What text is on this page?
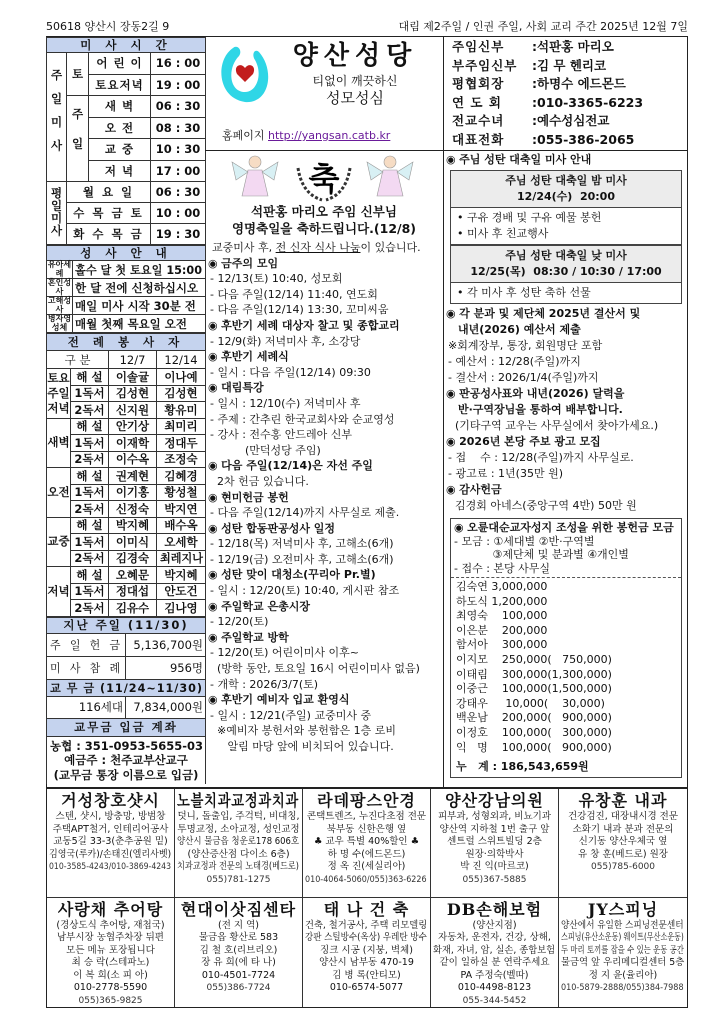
50618 양산시 장동2길 9	대림 제2주일 / 인권 주일, 사회 교리 주간 2025년 12월 7일
미 사 시 간			
주일미사	토	어 린 이	16 : 00
		토요저녁	19 : 00
	주일	새 벽	06 : 30
		오 전	08 : 30
		교 중	10 : 30
		저 녁	17 : 00
평일미사	월 요 일		06 : 30
	수 목 금 토		10 : 00
	화 수 목 금		19 : 30
성 사 안 내	
유아세례	홀수 달 첫 토요일 15:00
혼인성사	한 달 전에 신청하십시오
고해성사	매일 미사 시작 30분 전
병자영성체	매월 첫째 목요일 오전
전 례 봉 사 자			
구 분		12/7	12/14
토요주일저녁	해 설	이솔귤	이나예
	1독서	김성현	김성현
	2독서	신지원	황유미
새벽	해 설	안기상	최미리
	1독서	이재학	정대두
	2독서	이수옥	조정숙
오전	해 설	권계현	김혜경
	1독서	이기홍	황성철
	2독서	신정숙	박지연
교중	해 설	박지혜	배수옥
	1독서	이미식	오세학
	2독서	김경숙	최레지나
저녁	해 설	오혜문	박지혜
	1독서	정대섭	안도건
	2독서	김유수	김나영
지난 주일 (11/30)	
주 일 헌 금	5,136,700원
미 사 참 례	956명
교 무 금 (11/24~11/30)	
116세대	7,834,000원
교무금 입금 계좌	

농협 : 351-0953-5655-03
예금주 : 천주교부산교구
(교무금 통장 이름으로 입금)	
양산성당
티없이 깨끗하신
성모성심
홈페이지 http://yangsan.catb.kr
주임신부	: 석판홍 마리오
부주임신부	: 김 무 헨리코
평협회장	: 하명수 에드몬드
연 도 회	: 010-3365-6223
전교수녀	: 예수성심전교
대표전화	: 055-386-2065
축
석판홍 마리오 주임 신부님
영명축일을 축하드립니다.(12/8)
교중미사 후, 전 신자 식사 나눔이 있습니다.
◉ 금주의 모임
- 12/13(토) 10:40, 성모회
- 다음 주일(12/14) 11:40, 연도회
- 다음 주일(12/14) 13:30, 꼬미씨움
◉ 후반기 세례 대상자 찰고 및 종합교리
- 12/9(화) 저녁미사 후, 소강당
◉ 후반기 세례식
- 일시 : 다음 주일(12/14) 09:30
◉ 대림특강
- 일시 : 12/10(수) 저녁미사 후
- 주제 : 간추린 한국교회사와 순교영성
- 강사 : 전수홍 안드레아 신부
(만덕성당 주임)
◉ 다음 주일(12/14)은 자선 주일
2차 헌금 있습니다.
◉ 현미헌금 봉헌
- 다음 주일(12/14)까지 사무실로 제출.
◉ 성탄 합동판공성사 일정
- 12/18(목) 저녁미사 후, 고해소(6개)
- 12/19(금) 오전미사 후, 고해소(6개)
◉ 성탄 맞이 대청소(꾸리아 Pr.별)
- 일시 : 12/20(토) 10:40, 게시판 참조
◉ 주일학교 은총시장
- 12/20(토)
◉ 주일학교 방학
- 12/20(토) 어린이미사 이후~
(방학 동안, 토요일 16시 어린이미사 없음)
- 개학 : 2026/3/7(토)
◉ 후반기 예비자 입교 환영식
- 일시 : 12/21(주일) 교중미사 중
※예비자 봉헌서와 봉헌함은 1층 로비
알림 마당 앞에 비치되어 있습니다.
◉ 주님 성탄 대축일 미사 안내
주님 성탄 대축일 밤 미사
12/24(수)  20:00
• 구유 경배 및 구유 예물 봉헌
• 미사 후 친교행사
주님 성탄 대축일 낮 미사
12/25(목)  08:30 / 10:30 / 17:00
• 각 미사 후 성탄 축하 선물
◉ 각 분과 및 제단체 2025년 결산서 및
내년(2026) 예산서 제출
※회계장부, 통장, 회원명단 포함
- 예산서 : 12/28(주일)까지
- 결산서 : 2026/1/4(주일)까지
◉ 판공성사표와 내년(2026) 달력을
반·구역장님을 통하여 배부합니다.
(기타구역 교우는 사무실에서 찾아가세요.)
◉ 2026년 본당 주보 광고 모집
- 접    수 : 12/28(주일)까지 사무실로.
- 광고료 : 1년(35만 원)
◉ 감사헌금
김경회 아네스(중앙구역 4반) 50만 원
◉ 오륜대순교자성지 조성을 위한 봉헌금 모금
- 모금 : ①세대별 ②반·구역별
③제단체 및 분과별 ④개인별
- 접수 : 본당 사무실
김숙연 3,000,000
하도식 1,200,000
최영숙    100,000
이은분    200,000
함서아    300,000
이지모    250,000(   750,000)
이태림    300,000(1,300,000)
이중근    100,000(1,500,000)
강태우     10,000(    30,000)
백운남    200,000(   900,000)
이정호    100,000(   300,000)
익   명    100,000(   900,000)
누   계 : 186,543,659원
거성창호샷시
스텐, 샷시, 방충망, 방범창
주택APT철거, 인테리어공사
교동5길 33-3(춘추공원 밑)
김영국(루카)/손태진(엘리사벳)
010-3585-4243/010-3869-4243
노블치과교정과치과
덧니, 돌출입, 주걱턱, 비대칭,
투명교정, 소아교정, 성인교정
양산시 물금읍 청운로178 606호
(양산증산점 다이소 6층)
치과교정과 전문의 노태경(베드로)
055)781-1275
라데팡스안경
콘택트렌즈, 누진다초점 전문
북부동 신한은행 옆
♣ 교우 특별 40%할인 ♣
하 명 수(에드몬드)
정 옥 진(세실리아)
010-4064-5060/055)363-6226
양산강남의원
피부과, 성형외과, 비뇨기과
양산역 지하철 1번 출구 앞
센트럴 스위트빌딩 2층
원장·의학박사
박 진 익(마르코)
055)367-5885
유창훈 내과
건강검진, 대장내시경 전문
소화기 내과 분과 전문의
신기동 양산우체국 옆
유 창 훈(베드로) 원장
055)785-6000
사랑채 추어탕
(경상도식 추어탕, 재첩국)
남부시장 농협주차장 뒤편
모든 메뉴 포장됩니다
최 승 락(스테파노)
이 복 희(소 피 아)
010-2778-5590
055)365-9825
현대이삿짐센타
(전 지 역)
물금읍 황산로 583
김 철 호(리브리오)
장 유 희(에 타 나)
010-4501-7724
055)386-7724
태 나 건 축
건축, 철거공사, 주택 리모델링
강판 스틸방수(옥상) 우레탄 방수
징크 시공 (지붕, 벽체)
양산시 남부동 470-19
김 병 록(안티모)
010-6574-5077
DB손해보험
(양산지점)
자동차, 운전자, 건강, 상해,
화재, 자녀, 암, 실손, 종합보험
같이 일하실 분 연락주세요
PA 주정숙(벨따)
010-4498-8123
055-344-5452
JY스피닝
양산에서 유일한 스피닝전문센터
스피닝(유산소운동) 웨이트(무산소운동)
두 마리 토끼를 잡을 수 있는 운동 공간
물금역 앞 우리메디컬센터 5층
정 지 윤(율리아)
010-5879-2888/055)384-7988
